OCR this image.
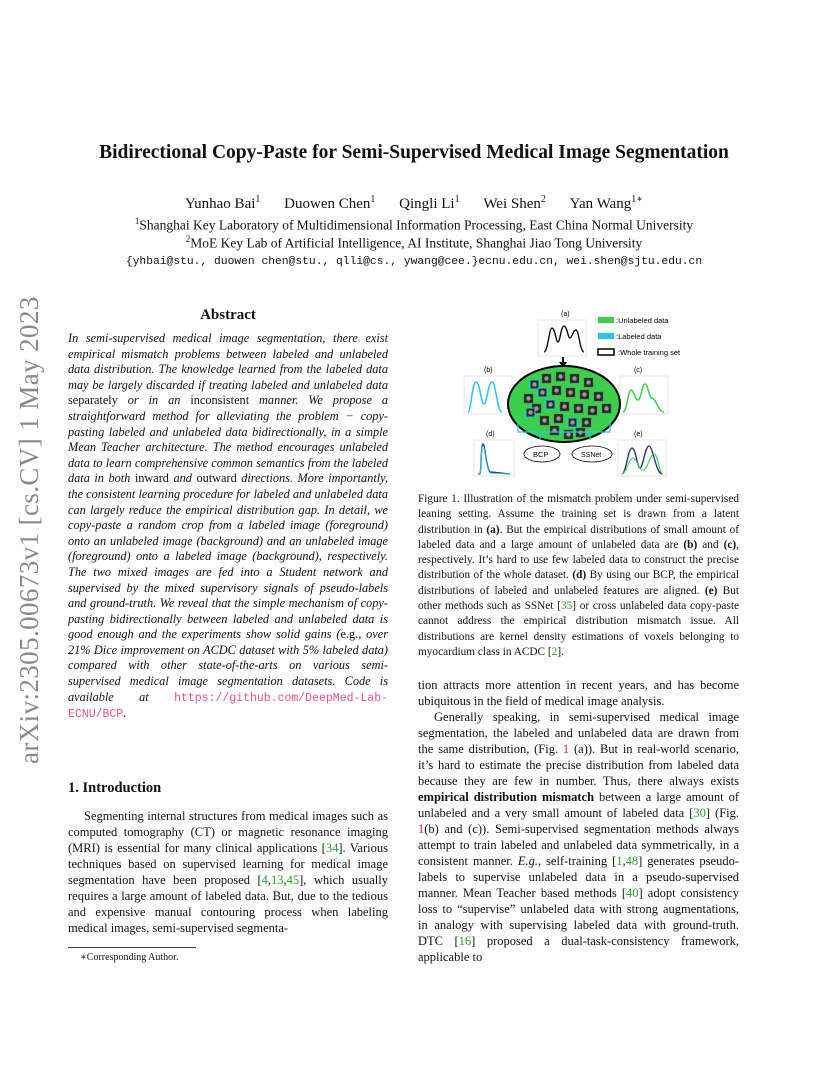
arXiv:2305.00673v1 [cs.CV] 1 May 2023
Bidirectional Copy-Paste for Semi-Supervised Medical Image Segmentation
Yunhao Bai$^1$ Duowen Chen$^1$ Qingli Li$^1$ Wei Shen$^2$ Yan Wang$^{1∗}$
$^1$Shanghai Key Laboratory of Multidimensional Information Processing, East China Normal University
$^2$MoE Key Lab of Artificial Intelligence, AI Institute, Shanghai Jiao Tong University
{yhbai@stu., duowen chen@stu., qlli@cs., ywang@cee.}ecnu.edu.cn, wei.shen@sjtu.edu.cn
Abstract
In semi-supervised medical image segmentation, there exist empirical mismatch problems between labeled and unlabeled data distribution. The knowledge learned from the labeled data may be largely discarded if treating labeled and unlabeled data separately or in an inconsistent manner. We propose a straightforward method for alleviating the problem − copy-pasting labeled and unlabeled data bidirectionally, in a simple Mean Teacher architecture. The method encourages unlabeled data to learn comprehensive common semantics from the labeled data in both inward and outward directions. More importantly, the consistent learning procedure for labeled and unlabeled data can largely reduce the empirical distribution gap. In detail, we copy-paste a random crop from a labeled image (foreground) onto an unlabeled image (background) and an unlabeled image (foreground) onto a labeled image (background), respectively. The two mixed images are fed into a Student network and supervised by the mixed supervisory signals of pseudo-labels and ground-truth. We reveal that the simple mechanism of copy-pasting bidirectionally between labeled and unlabeled data is good enough and the experiments show solid gains (e.g., over 21% Dice improvement on ACDC dataset with 5% labeled data) compared with other state-of-the-arts on various semi-supervised medical image segmentation datasets. Code is available at https://github.com/DeepMed-Lab-ECNU/BCP.
1. Introduction

Segmenting internal structures from medical images such as computed tomography (CT) or magnetic resonance imaging (MRI) is essential for many clinical applications [34]. Various techniques based on supervised learning for medical image segmentation have been proposed [4,13,45], which usually requires a large amount of labeled data. But, due to the tedious and expensive manual contouring process when labeling medical images, semi-supervised segmenta-

∗Corresponding Author.
(a)
:Unlabeled data
:Labeled data
:Whole training set
(b)	(c)
(d)
BCP	SSNet
(e)
Figure 1. Illustration of the mismatch problem under semi-supervised leaning setting. Assume the training set is drawn from a latent distribution in (a). But the empirical distributions of small amount of labeled data and a large amount of unlabeled data are (b) and (c), respectively. It’s hard to use few labeled data to construct the precise distribution of the whole dataset. (d) By using our BCP, the empirical distributions of labeled and unlabeled features are aligned. (e) But other methods such as SSNet [35] or cross unlabeled data copy-paste cannot address the empirical distribution mismatch issue. All distributions are kernel density estimations of voxels belonging to myocardium class in ACDC [2].

tion attracts more attention in recent years, and has become ubiquitous in the field of medical image analysis.

Generally speaking, in semi-supervised medical image segmentation, the labeled and unlabeled data are drawn from the same distribution, (Fig. 1 (a)). But in real-world scenario, it’s hard to estimate the precise distribution from labeled data because they are few in number. Thus, there always exists empirical distribution mismatch between a large amount of unlabeled and a very small amount of labeled data [30] (Fig. 1(b) and (c)). Semi-supervised segmentation methods always attempt to train labeled and unlabeled data symmetrically, in a consistent manner. E.g., self-training [1,48] generates pseudo-labels to supervise unlabeled data in a pseudo-supervised manner. Mean Teacher based methods [40] adopt consistency loss to “supervise” unlabeled data with strong augmentations, in analogy with supervising labeled data with ground-truth. DTC [16] proposed a dual-task-consistency framework, applicable to
